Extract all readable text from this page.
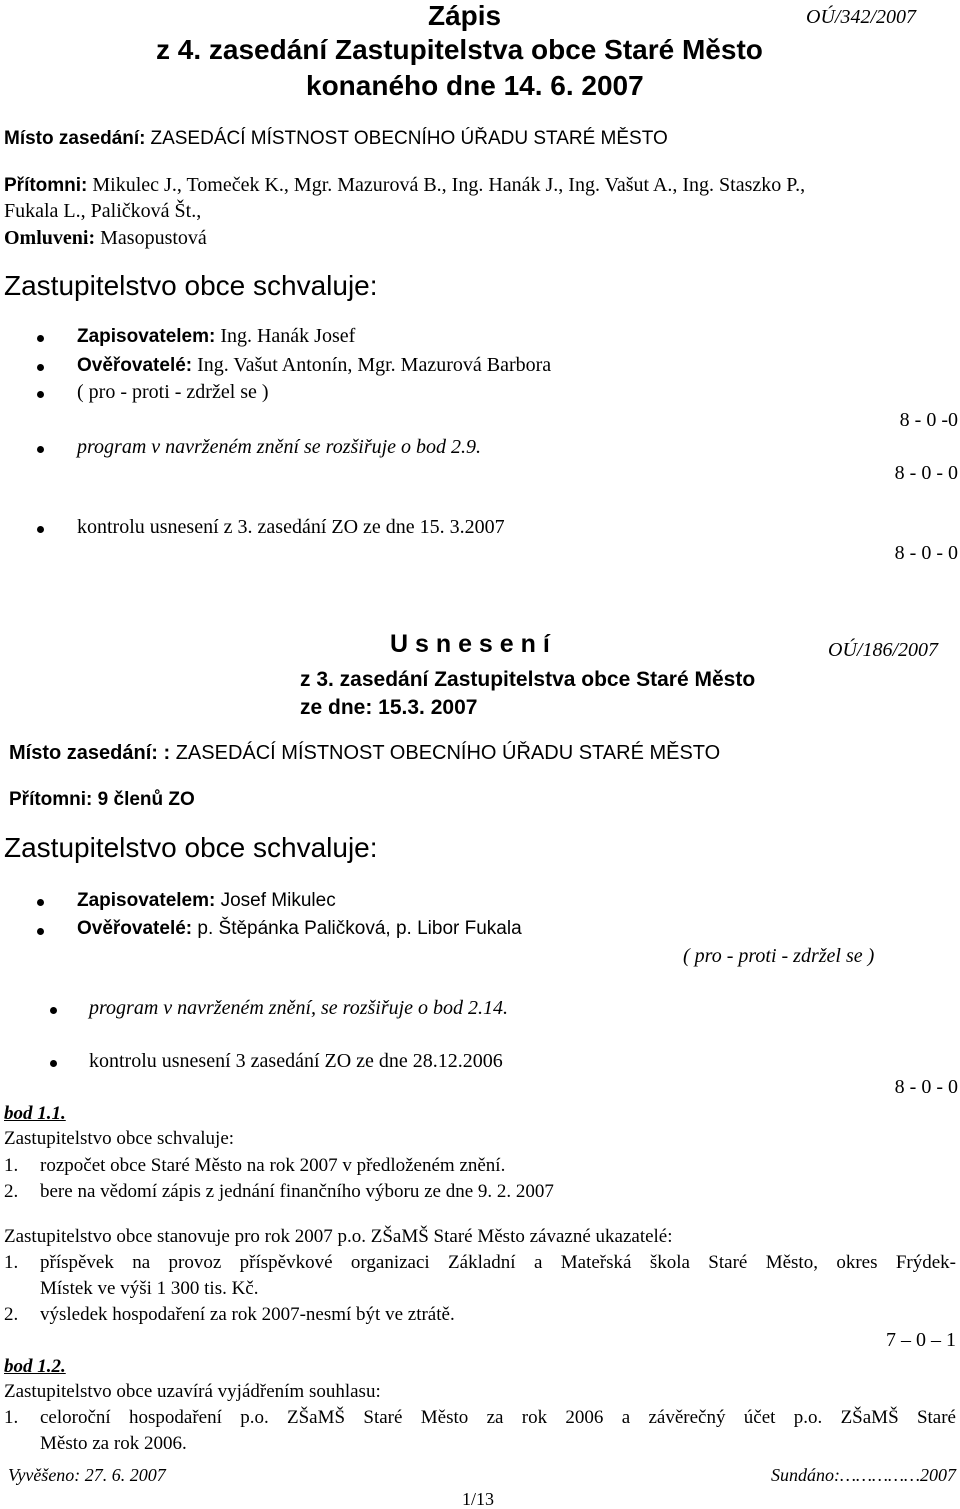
Zápis	OÚ/342/2007
z 4. zasedání Zastupitelstva obce Staré Město
konaného dne 14. 6. 2007
Místo zasedání: ZASEDÁCÍ MÍSTNOST OBECNÍHO ÚŘADU STARÉ MĚSTO
Přítomni: Mikulec J., Tomeček K., Mgr. Mazurová B., Ing. Hanák J., Ing. Vašut A., Ing. Staszko P.,
Fukala L., Paličková Št.,
Omluveni: Masopustová
Zastupitelstvo obce schvaluje:
Zapisovatelem: Ing. Hanák Josef
Ověřovatelé: Ing. Vašut Antonín, Mgr. Mazurová Barbora
( pro - proti - zdržel se )
8 - 0 -0
program v navrženém znění se rozšiřuje o bod 2.9.
8 - 0 - 0
kontrolu usnesení z 3. zasedání ZO ze dne 15. 3.2007
8 - 0 - 0
U s n e s e n í	OÚ/186/2007
z 3. zasedání Zastupitelstva obce Staré Město
ze dne: 15.3. 2007
Místo zasedání: : ZASEDÁCÍ MÍSTNOST OBECNÍHO ÚŘADU STARÉ MĚSTO
Přítomni: 9 členů ZO
Zastupitelstvo obce schvaluje:
Zapisovatelem: Josef Mikulec
Ověřovatelé: p. Štěpánka Paličková, p. Libor Fukala
( pro - proti - zdržel se )
program v navrženém znění, se rozšiřuje o bod 2.14.
kontrolu usnesení 3 zasedání ZO ze dne 28.12.2006
8 - 0 - 0
bod 1.1.
Zastupitelstvo obce schvaluje:
1. rozpočet obce Staré Město na rok 2007 v předloženém znění.
2. bere na vědomí zápis z jednání finančního výboru ze dne 9. 2. 2007
Zastupitelstvo obce stanovuje pro rok 2007 p.o. ZŠaMŠ Staré Město závazné ukazatelé:
1. příspěvek na provoz příspěvkové organizaci Základní a Mateřská škola Staré Město, okres Frýdek-
Místek ve výši 1 300 tis. Kč.
2. výsledek hospodaření za rok 2007-nesmí být ve ztrátě.
7 – 0 – 1
bod 1.2.
Zastupitelstvo obce uzavírá vyjádřením souhlasu:
1. celoroční hospodaření p.o. ZŠaMŠ Staré Město za rok 2006 a závěrečný účet p.o. ZŠaMŠ Staré
Město za rok 2006.
Vyvěšeno: 27. 6. 2007	Sundáno:……………2007
1/13
